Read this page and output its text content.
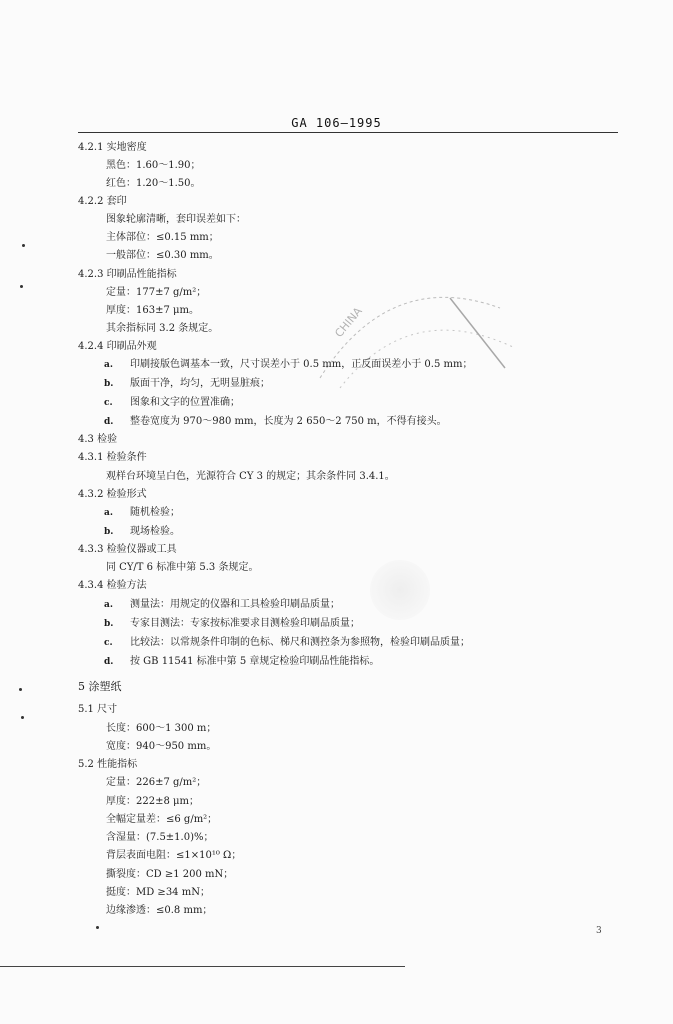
GA 106—1995
CHINA
4.2.1 实地密度
黑色：1.60～1.90；
红色：1.20～1.50。
4.2.2 套印
图象轮廓清晰，套印误差如下：
主体部位：≤0.15 mm；
一般部位：≤0.30 mm。
4.2.3 印刷品性能指标
定量：177±7 g/m²；
厚度：163±7 μm。
其余指标同 3.2 条规定。
4.2.4 印刷品外观
a. 印刷接版色调基本一致，尺寸误差小于 0.5 mm，正反面误差小于 0.5 mm；
b. 版面干净，均匀，无明显脏痕；
c. 图象和文字的位置准确；
d. 整卷宽度为 970～980 mm，长度为 2 650～2 750 m，不得有接头。
4.3 检验
4.3.1 检验条件
观样台环境呈白色，光源符合 CY 3 的规定；其余条件同 3.4.1。
4.3.2 检验形式
a. 随机检验；
b. 现场检验。
4.3.3 检验仪器或工具
同 CY/T 6 标准中第 5.3 条规定。
4.3.4 检验方法
a. 测量法：用规定的仪器和工具检验印刷品质量；
b. 专家目测法：专家按标准要求目测检验印刷品质量；
c. 比较法：以常规条件印制的色标、梯尺和测控条为参照物，检验印刷品质量；
d. 按 GB 11541 标准中第 5 章规定检验印刷品性能指标。
5 涂塑纸
5.1 尺寸
长度：600～1 300 m；
宽度：940～950 mm。
5.2 性能指标
定量：226±7 g/m²；
厚度：222±8 μm；
全幅定量差：≤6 g/m²；
含湿量：(7.5±1.0)%；
背层表面电阻：≤1×10¹⁰ Ω；
撕裂度：CD ≥1 200 mN；
挺度：MD ≥34 mN；
边缘渗透：≤0.8 mm；
3
